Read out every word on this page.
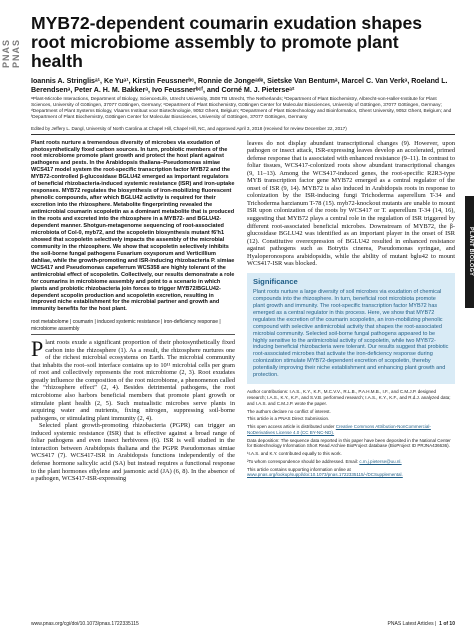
PNAS PNAS
PLANT BIOLOGY
MYB72-dependent coumarin exudation shapes root microbiome assembly to promote plant health
Ioannis A. Stringlisᵃ¹, Ke Yuᵃ¹, Kirstin Feussnerᵇᶜ, Ronnie de Jongeᵃᵈᵉ, Sietske Van Bentumᵃ, Marcel C. Van Verkᵃ, Roeland L. Berendsenᵃ, Peter A. H. M. Bakkerᵃ, Ivo Feussnerᵇᶜᶠ, and Corné M. J. Pieterseᵃ²
ᵃPlant-Microbe Interactions, Department of Biology, Science4Life, Utrecht University, 3508 TB Utrecht, The Netherlands; ᵇDepartment of Plant Biochemistry, Albrecht-von-Haller-Institute for Plant Sciences, University of Göttingen, 37077 Göttingen, Germany; ᶜDepartment of Plant Biochemistry, Göttingen Center for Molecular Biosciences, University of Göttingen, 37077 Göttingen, Germany; ᵈDepartment of Plant Systems Biology, Vlaams Instituut voor Biotechnologie, 9052 Ghent, Belgium; ᵉDepartment of Plant Biotechnology and Bioinformatics, Ghent University, 9052 Ghent, Belgium; and ᶠDepartment of Plant Biochemistry, Göttingen Center for Molecular Biosciences, University of Göttingen, 37077 Göttingen, Germany
Edited by Jeffery L. Dangl, University of North Carolina at Chapel Hill, Chapel Hill, NC, and approved April 3, 2018 (received for review December 22, 2017)

Plant roots nurture a tremendous diversity of microbes via exudation of photosynthetically fixed carbon sources. In turn, probiotic members of the root microbiome promote plant growth and protect the host plant against pathogens and pests. In the Arabidopsis thaliana–Pseudomonas simiae WCS417 model system the root-specific transcription factor MYB72 and the MYB72-controlled β-glucosidase BGLU42 emerged as important regulators of beneficial rhizobacteria-induced systemic resistance (ISR) and iron-uptake responses. MYB72 regulates the biosynthesis of iron-mobilizing fluorescent phenolic compounds, after which BGLU42 activity is required for their excretion into the rhizosphere. Metabolite fingerprinting revealed the antimicrobial coumarin scopoletin as a dominant metabolite that is produced in the roots and excreted into the rhizosphere in a MYB72- and BGLU42-dependent manner. Shotgun-metagenome sequencing of root-associated microbiota of Col-0, myb72, and the scopoletin biosynthesis mutant f6′h1 showed that scopoletin selectively impacts the assembly of the microbial community in the rhizosphere. We show that scopoletin selectively inhibits the soil-borne fungal pathogens Fusarium oxysporum and Verticillium dahliae, while the growth-promoting and ISR-inducing rhizobacteria P. simiae WCS417 and Pseudomonas capeferrum WCS358 are highly tolerant of the antimicrobial effect of scopoletin. Collectively, our results demonstrate a role for coumarins in microbiome assembly and point to a scenario in which plants and probiotic rhizobacteria join forces to trigger MYB72/BGLU42-dependent scopolin production and scopoletin excretion, resulting in improved niche establishment for the microbial partner and growth and immunity benefits for the host plant.

root metabolome | coumarin | induced systemic resistance | iron-deficiency response | microbiome assembly

Plant roots exude a significant proportion of their photosynthetically fixed carbon into the rhizosphere (1). As a result, the rhizosphere nurtures one of the richest microbial ecosystems on Earth. The microbial community that inhabits the root–soil interface contains up to 10¹¹ microbial cells per gram of root and collectively represents the root microbiome (2, 3). Root exudates greatly influence the composition of the root microbiome, a phenomenon called the “rhizosphere effect” (2, 4). Besides detrimental pathogens, the root microbiome also harbors beneficial members that promote plant growth or stimulate plant health (2, 5). Such mutualistic microbes serve plants in acquiring water and nutrients, fixing nitrogen, suppressing soil-borne pathogens, or stimulating plant immunity (2, 4).

Selected plant growth-promoting rhizobacteria (PGPR) can trigger an induced systemic resistance (ISR) that is effective against a broad range of foliar pathogens and even insect herbivores (6). ISR is well studied in the interaction between Arabidopsis thaliana and the PGPR Pseudomonas simiae WCS417 (7). WCS417-ISR in Arabidopsis functions independently of the defense hormone salicylic acid (SA) but instead requires a functional response to the plant hormones ethylene and jasmonic acid (JA) (6, 8). In the absence of a pathogen, WCS417-ISR-expressing

leaves do not display abundant transcriptional changes (9). However, upon pathogen or insect attack, ISR-expressing leaves develop an accelerated, primed defense response that is associated with enhanced resistance (9–11). In contrast to foliar tissues, WCS417-colonized roots show abundant transcriptional changes (9, 11–13). Among the WCS417-induced genes, the root-specific R2R3-type MYB transcription factor gene MYB72 emerged as a central regulator of the onset of ISR (9, 14). MYB72 is also induced in Arabidopsis roots in response to colonization by the ISR-inducing fungi Trichoderma asperellum T-34 and Trichoderma harzianum T-78 (15). myb72-knockout mutants are unable to mount ISR upon colonization of the roots by WCS417 or T. asperellum T-34 (14, 16), suggesting that MYB72 plays a central role in the regulation of ISR triggered by different root-associated beneficial microbes. Downstream of MYB72, the β-glucosidase BGLU42 was identified as an important player in the onset of ISR (12). Constitutive overexpression of BGLU42 resulted in enhanced resistance against pathogens such as Botrytis cinerea, Pseudomonas syringae, and Hyaloperonospora arabidopsidis, while the ability of mutant bglu42 to mount WCS417-ISR was blocked.

Significance

Plant roots nurture a large diversity of soil microbes via exudation of chemical compounds into the rhizosphere. In turn, beneficial root microbiota promote plant growth and immunity. The root-specific transcription factor MYB72 has emerged as a central regulator in this process. Here, we show that MYB72 regulates the excretion of the coumarin scopoletin, an iron-mobilizing phenolic compound with selective antimicrobial activity that shapes the root-associated microbial community. Selected soil-borne fungal pathogens appeared to be highly sensitive to the antimicrobial activity of scopoletin, while two MYB72-inducing beneficial rhizobacteria were tolerant. Our results suggest that probiotic root-associated microbes that activate the iron-deficiency response during colonization stimulate MYB72-dependent excretion of scopoletin, thereby potentially improving their niche establishment and enhancing plant growth and protection.

Author contributions: I.A.S., K.Y., K.F., M.C.V.V., R.L.B., P.A.H.M.B., I.F., and C.M.J.P. designed research; I.A.S., K.Y., K.F., and S.V.B. performed research; I.A.S., K.Y., K.F., and R.d.J. analyzed data; and I.A.S. and C.M.J.P. wrote the paper.

The authors declare no conflict of interest.

This article is a PNAS Direct Submission.

This open access article is distributed under Creative Commons Attribution-NonCommercial-NoDerivatives License 4.0 (CC BY-NC-ND).

Data deposition: The sequence data reported in this paper have been deposited in the National Center for Biotechnology Information Short Read Archive BioProject database (BioProject ID PRJNA436636).

¹I.A.S. and K.Y. contributed equally to this work.

²To whom correspondence should be addressed. Email: c.m.j.pieterse@uu.nl.

This article contains supporting information online at www.pnas.org/lookup/suppl/doi:10.1073/pnas.1722335115/-/DCSupplemental.

www.pnas.org/cgi/doi/10.1073/pnas.1722335115	PNAS Latest Articles |  1 of 10
